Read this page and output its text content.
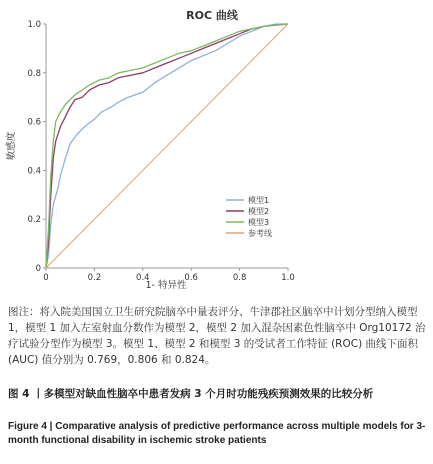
ROC 曲线
0	0.2	0.4	0.6	0.8	1.0
0
0.2
0.4
0.6
0.8
1.0
1- 特异性
敏感度
模型1
模型2
模型3
参考线
图注：将入院美国国立卫生研究院脑卒中量表评分、牛津郡社区脑卒中计划分型纳入模型 1，模型 1 加入左室射血分数作为模型 2，模型 2 加入混杂因素色性脑卒中 Org10172 治疗试验分型作为模型 3。模型 1、模型 2 和模型 3 的受试者工作特征 (ROC) 曲线下面积 (AUC) 值分别为 0.769，0.806 和 0.824。
图 4 丨多模型对缺血性脑卒中患者发病 3 个月时功能残疾预测效果的比较分析
Figure 4 | Comparative analysis of predictive performance across multiple models for 3-month functional disability in ischemic stroke patients
